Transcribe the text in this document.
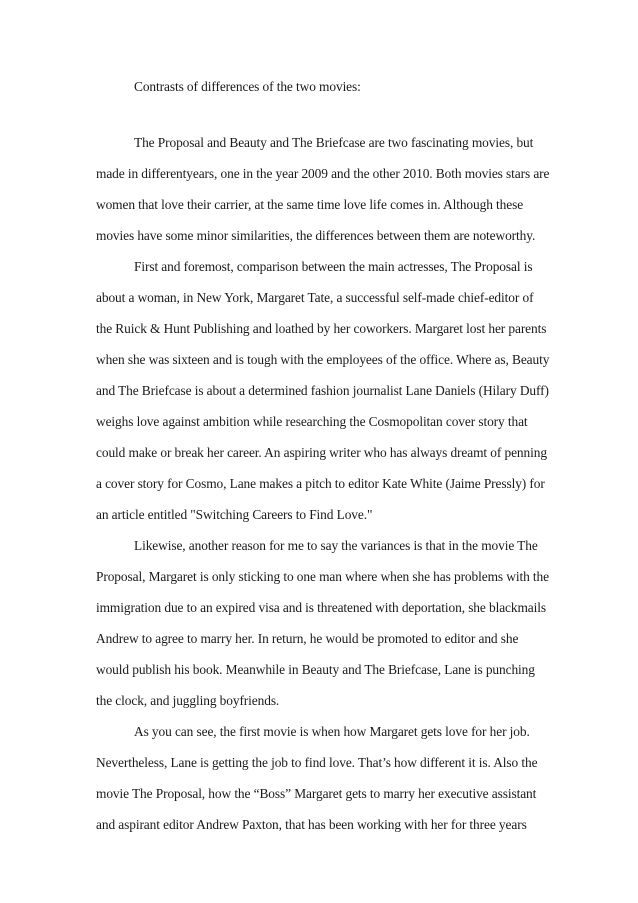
Contrasts of differences of the two movies:
The Proposal and Beauty and The Briefcase are two fascinating movies, but
made in differentyears, one in the year 2009 and the other 2010. Both movies stars are
women that love their carrier, at the same time love life comes in. Although these
movies have some minor similarities, the differences between them are noteworthy.
First and foremost, comparison between the main actresses, The Proposal is
about a woman, in New York, Margaret Tate, a successful self-made chief-editor of
the Ruick & Hunt Publishing and loathed by her coworkers. Margaret lost her parents
when she was sixteen and is tough with the employees of the office. Where as, Beauty
and The Briefcase is about a determined fashion journalist Lane Daniels (Hilary Duff)
weighs love against ambition while researching the Cosmopolitan cover story that
could make or break her career. An aspiring writer who has always dreamt of penning
a cover story for Cosmo, Lane makes a pitch to editor Kate White (Jaime Pressly) for
an article entitled "Switching Careers to Find Love."
Likewise, another reason for me to say the variances is that in the movie The
Proposal, Margaret is only sticking to one man where when she has problems with the
immigration due to an expired visa and is threatened with deportation, she blackmails
Andrew to agree to marry her. In return, he would be promoted to editor and she
would publish his book. Meanwhile in Beauty and The Briefcase, Lane is punching
the clock, and juggling boyfriends.
As you can see, the first movie is when how Margaret gets love for her job.
Nevertheless, Lane is getting the job to find love. That’s how different it is. Also the
movie The Proposal, how the “Boss” Margaret gets to marry her executive assistant
and aspirant editor Andrew Paxton, that has been working with her for three years
